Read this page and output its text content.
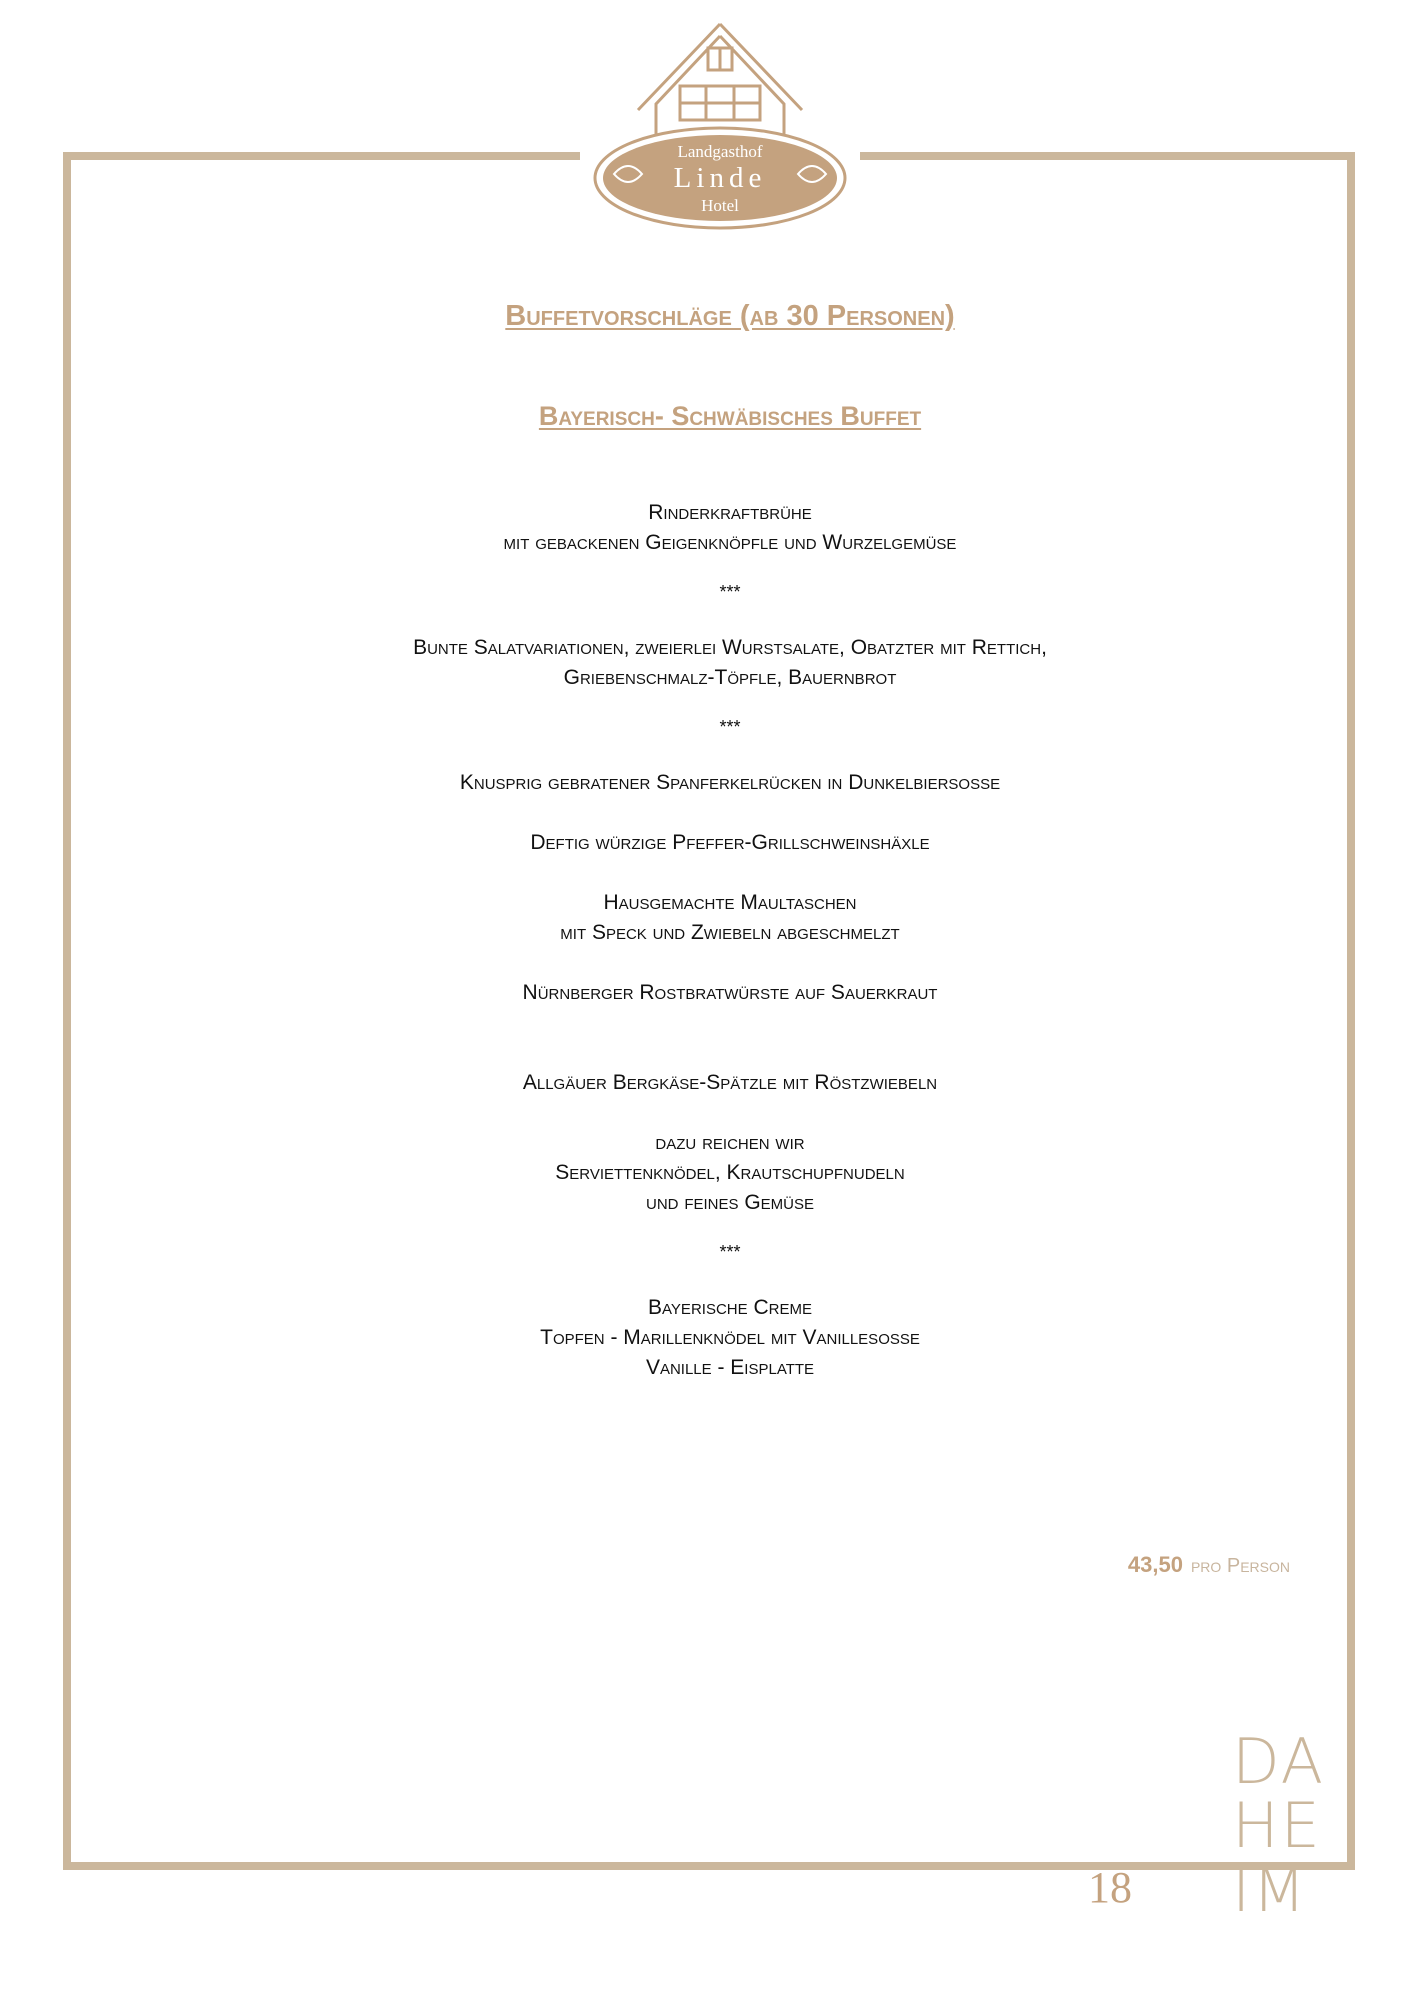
Landgasthof
Linde
Hotel

Buffetvorschläge (ab 30 Personen)

Bayerisch- Schwäbisches Buffet

Rinderkraftbrühe

mit gebackenen Geigenknöpfle und Wurzelgemüse

***

Bunte Salatvariationen, zweierlei Wurstsalate, Obatzter mit Rettich,

Griebenschmalz-Töpfle, Bauernbrot

***

Knusprig gebratener Spanferkelrücken in Dunkelbiersoße

Deftig würzige Pfeffer-Grillschweinshäxle

Hausgemachte Maultaschen

mit Speck und Zwiebeln abgeschmelzt

Nürnberger Rostbratwürste auf Sauerkraut

Allgäuer Bergkäse-Spätzle mit Röstzwiebeln

dazu reichen wir

Serviettenknödel, Krautschupfnudeln

und feines Gemüse

***

Bayerische Creme

Topfen - Marillenknödel mit Vanillesoße

Vanille - Eisplatte

43,50 pro Person
18
DA
HE
IM
